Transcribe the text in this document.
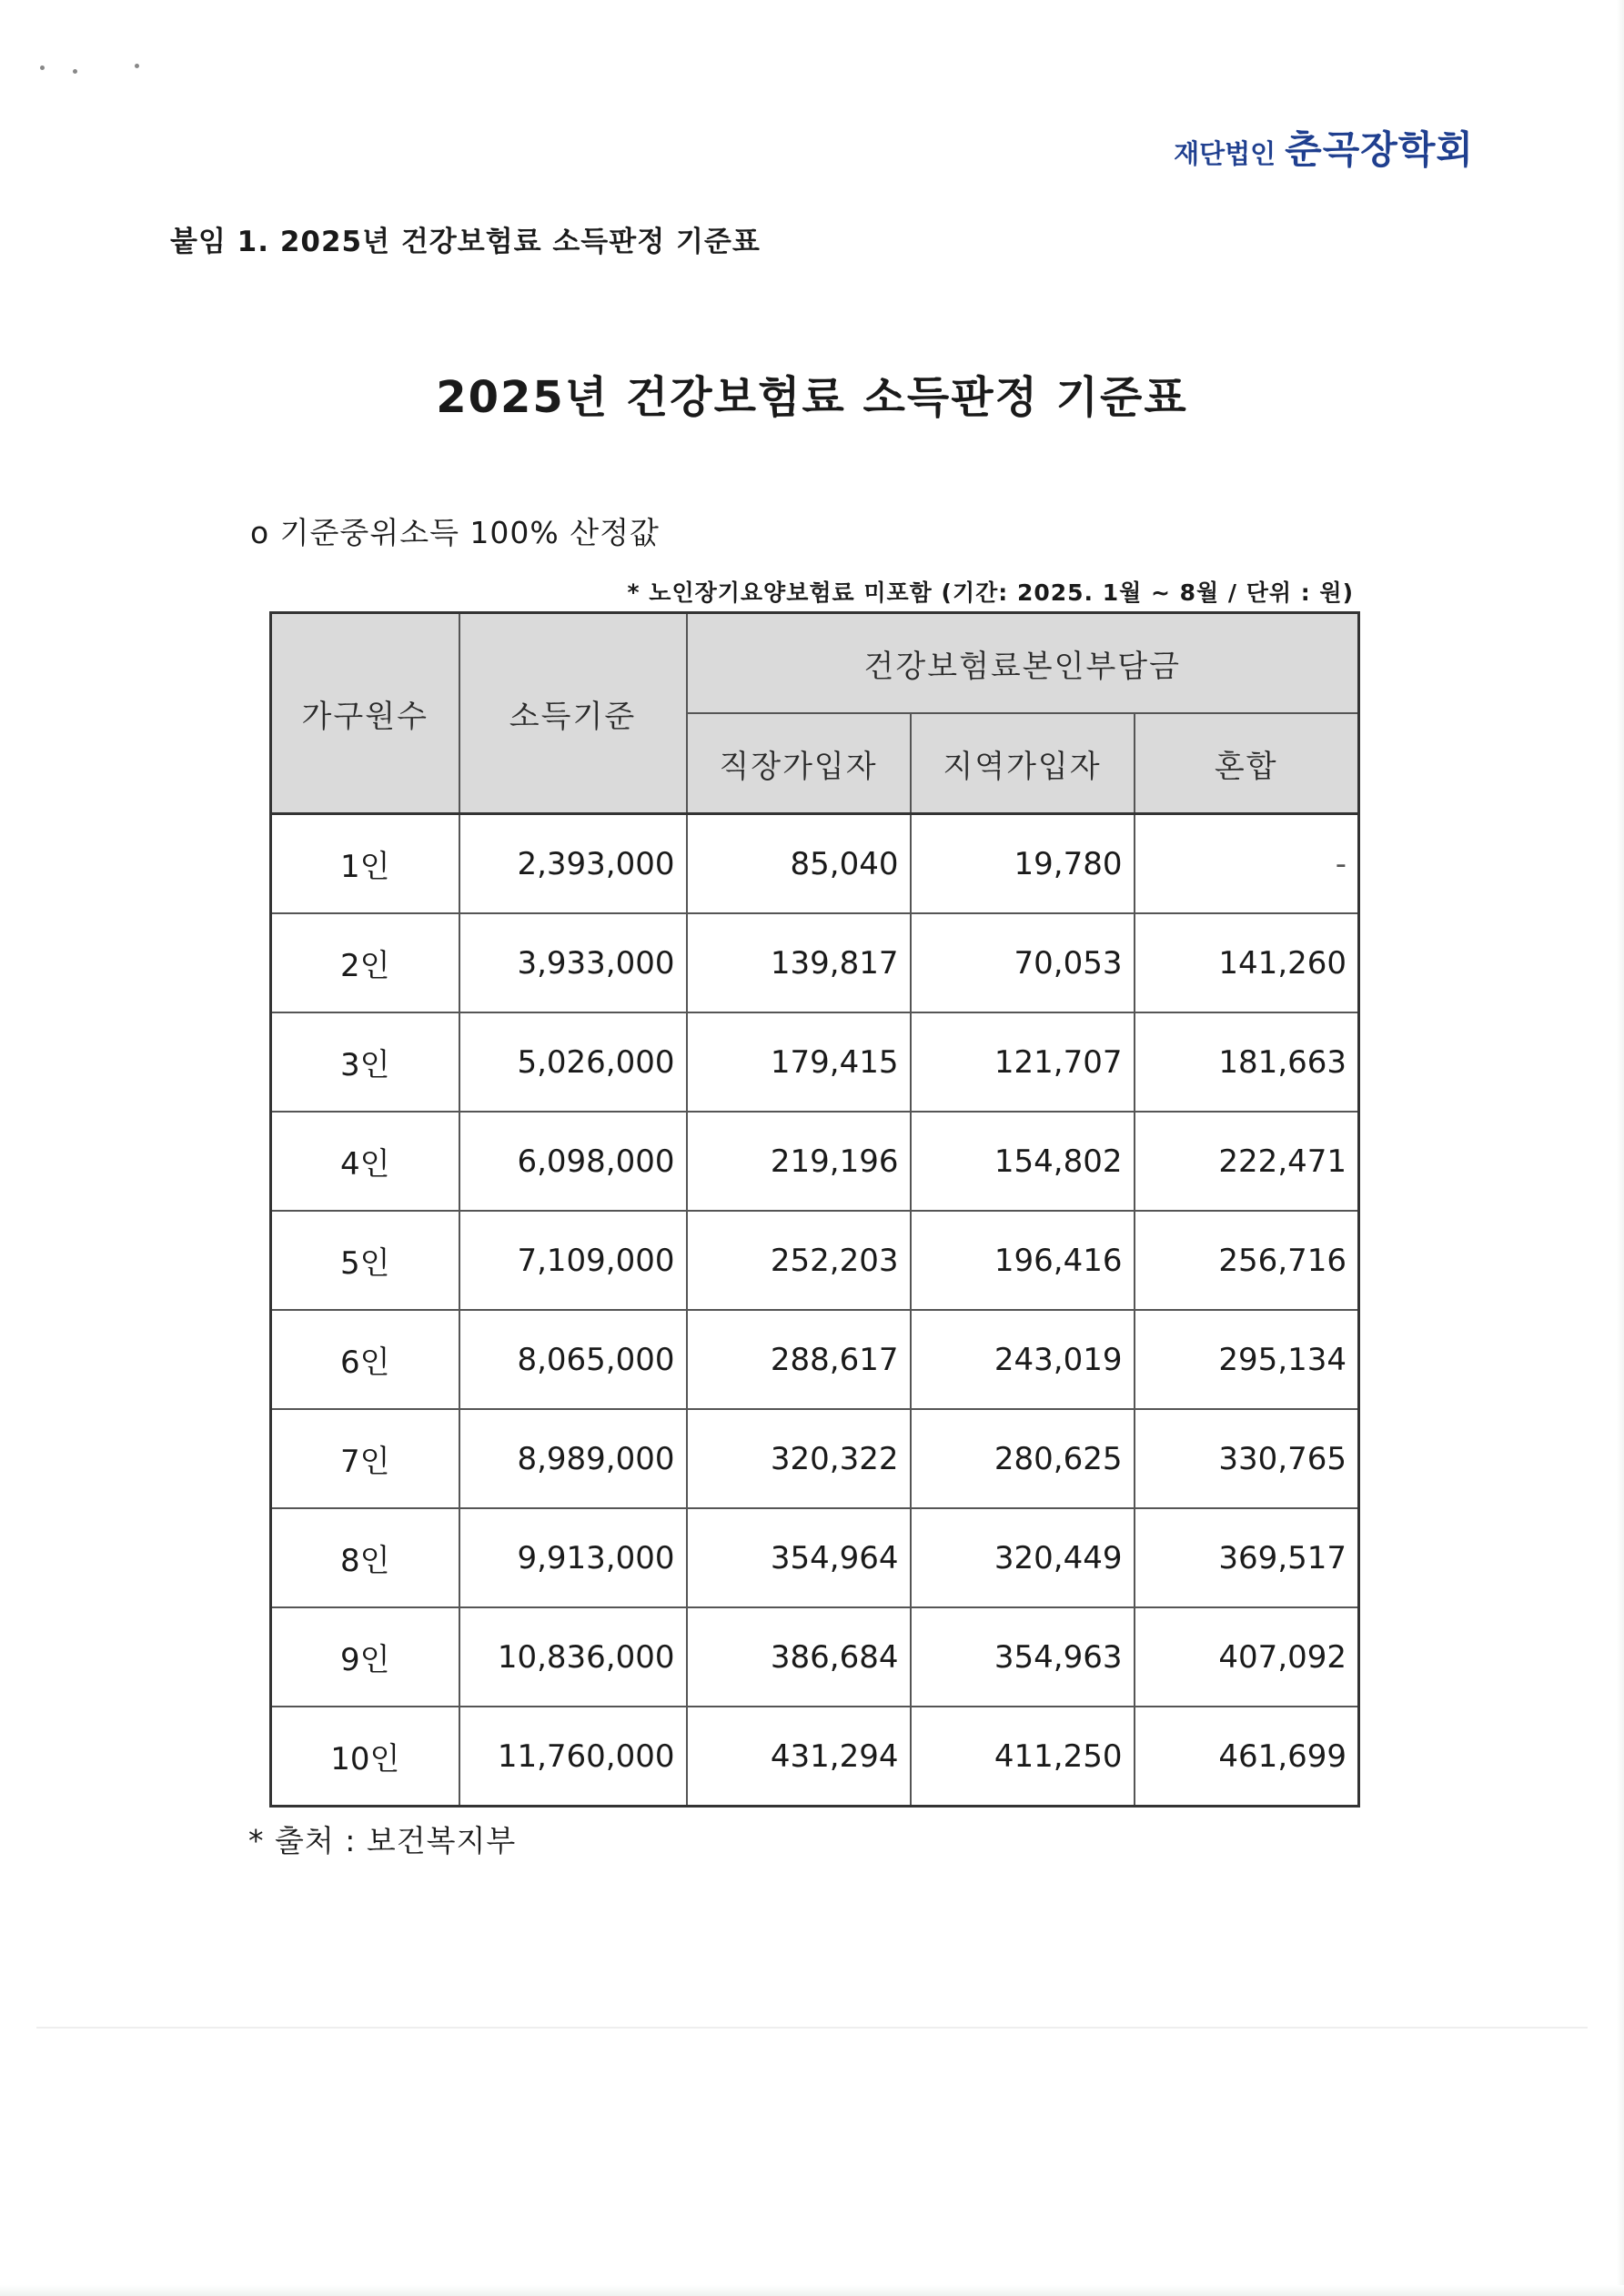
재단법인 춘곡장학회
붙임 1. 2025년 건강보험료 소득판정 기준표
2025년 건강보험료 소득판정 기준표
o 기준중위소득 100% 산정값
* 노인장기요양보험료 미포함 (기간: 2025. 1월 ~ 8월 / 단위 : 원)
가구원수	소득기준	건강보험료본인부담금		
		직장가입자	지역가입자	혼합
1인	2,393,000	85,040	19,780	-
2인	3,933,000	139,817	70,053	141,260
3인	5,026,000	179,415	121,707	181,663
4인	6,098,000	219,196	154,802	222,471
5인	7,109,000	252,203	196,416	256,716
6인	8,065,000	288,617	243,019	295,134
7인	8,989,000	320,322	280,625	330,765
8인	9,913,000	354,964	320,449	369,517
9인	10,836,000	386,684	354,963	407,092
10인	11,760,000	431,294	411,250	461,699
* 출처 : 보건복지부
